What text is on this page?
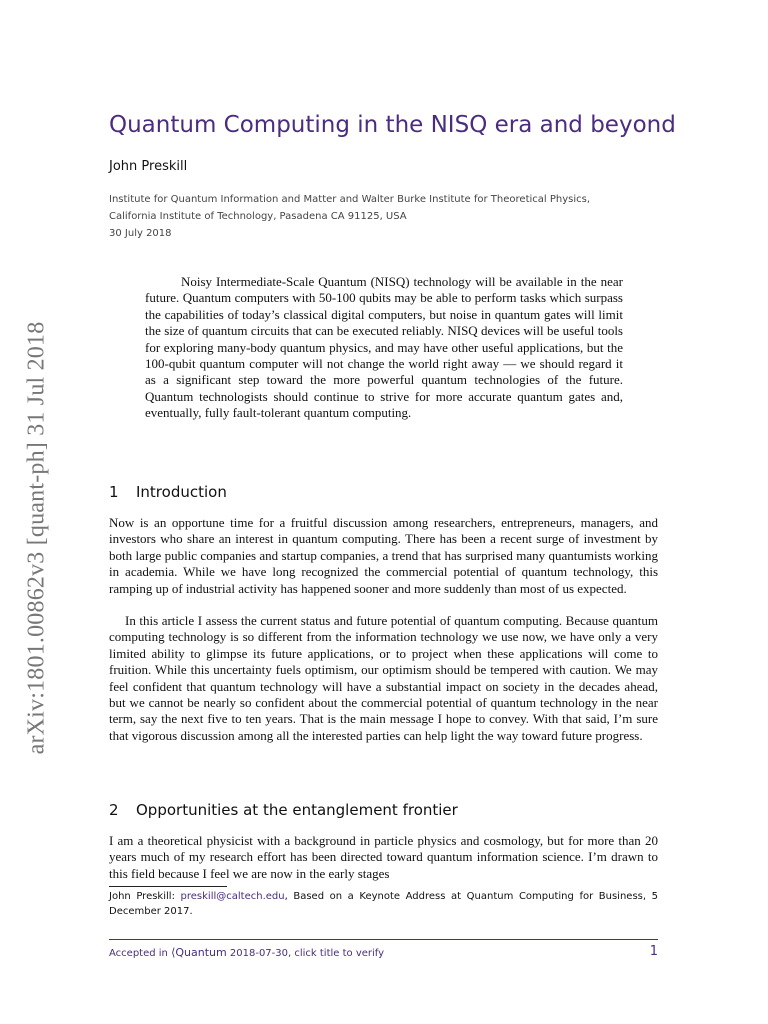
arXiv:1801.00862v3 [quant-ph] 31 Jul 2018
Quantum Computing in the NISQ era and beyond
John Preskill
Institute for Quantum Information and Matter and Walter Burke Institute for Theoretical Physics,
California Institute of Technology, Pasadena CA 91125, USA
30 July 2018

Noisy Intermediate-Scale Quantum (NISQ) technology will be available in the near future. Quantum computers with 50-100 qubits may be able to perform tasks which surpass the capabilities of today’s classical digital computers, but noise in quantum gates will limit the size of quantum circuits that can be executed reliably. NISQ devices will be useful tools for exploring many-body quantum physics, and may have other useful applications, but the 100-qubit quantum computer will not change the world right away — we should regard it as a significant step toward the more powerful quantum technologies of the future. Quantum technologists should continue to strive for more accurate quantum gates and, eventually, fully fault-tolerant quantum computing.

1 Introduction

Now is an opportune time for a fruitful discussion among researchers, entrepreneurs, managers, and investors who share an interest in quantum computing. There has been a recent surge of investment by both large public companies and startup companies, a trend that has surprised many quantumists working in academia. While we have long recognized the commercial potential of quantum technology, this ramping up of industrial activity has happened sooner and more suddenly than most of us expected.

In this article I assess the current status and future potential of quantum computing. Because quantum computing technology is so different from the information technology we use now, we have only a very limited ability to glimpse its future applications, or to project when these applications will come to fruition. While this uncertainty fuels optimism, our optimism should be tempered with caution. We may feel confident that quantum technology will have a substantial impact on society in the decades ahead, but we cannot be nearly so confident about the commercial potential of quantum technology in the near term, say the next five to ten years. That is the main message I hope to convey. With that said, I’m sure that vigorous discussion among all the interested parties can help light the way toward future progress.

2 Opportunities at the entanglement frontier

I am a theoretical physicist with a background in particle physics and cosmology, but for more than 20 years much of my research effort has been directed toward quantum information science. I’m drawn to this field because I feel we are now in the early stages

John Preskill: preskill@caltech.edu, Based on a Keynote Address at Quantum Computing for Business, 5 December 2017.

Accepted in ⟨Quantum 2018-07-30, click title to verify	1
